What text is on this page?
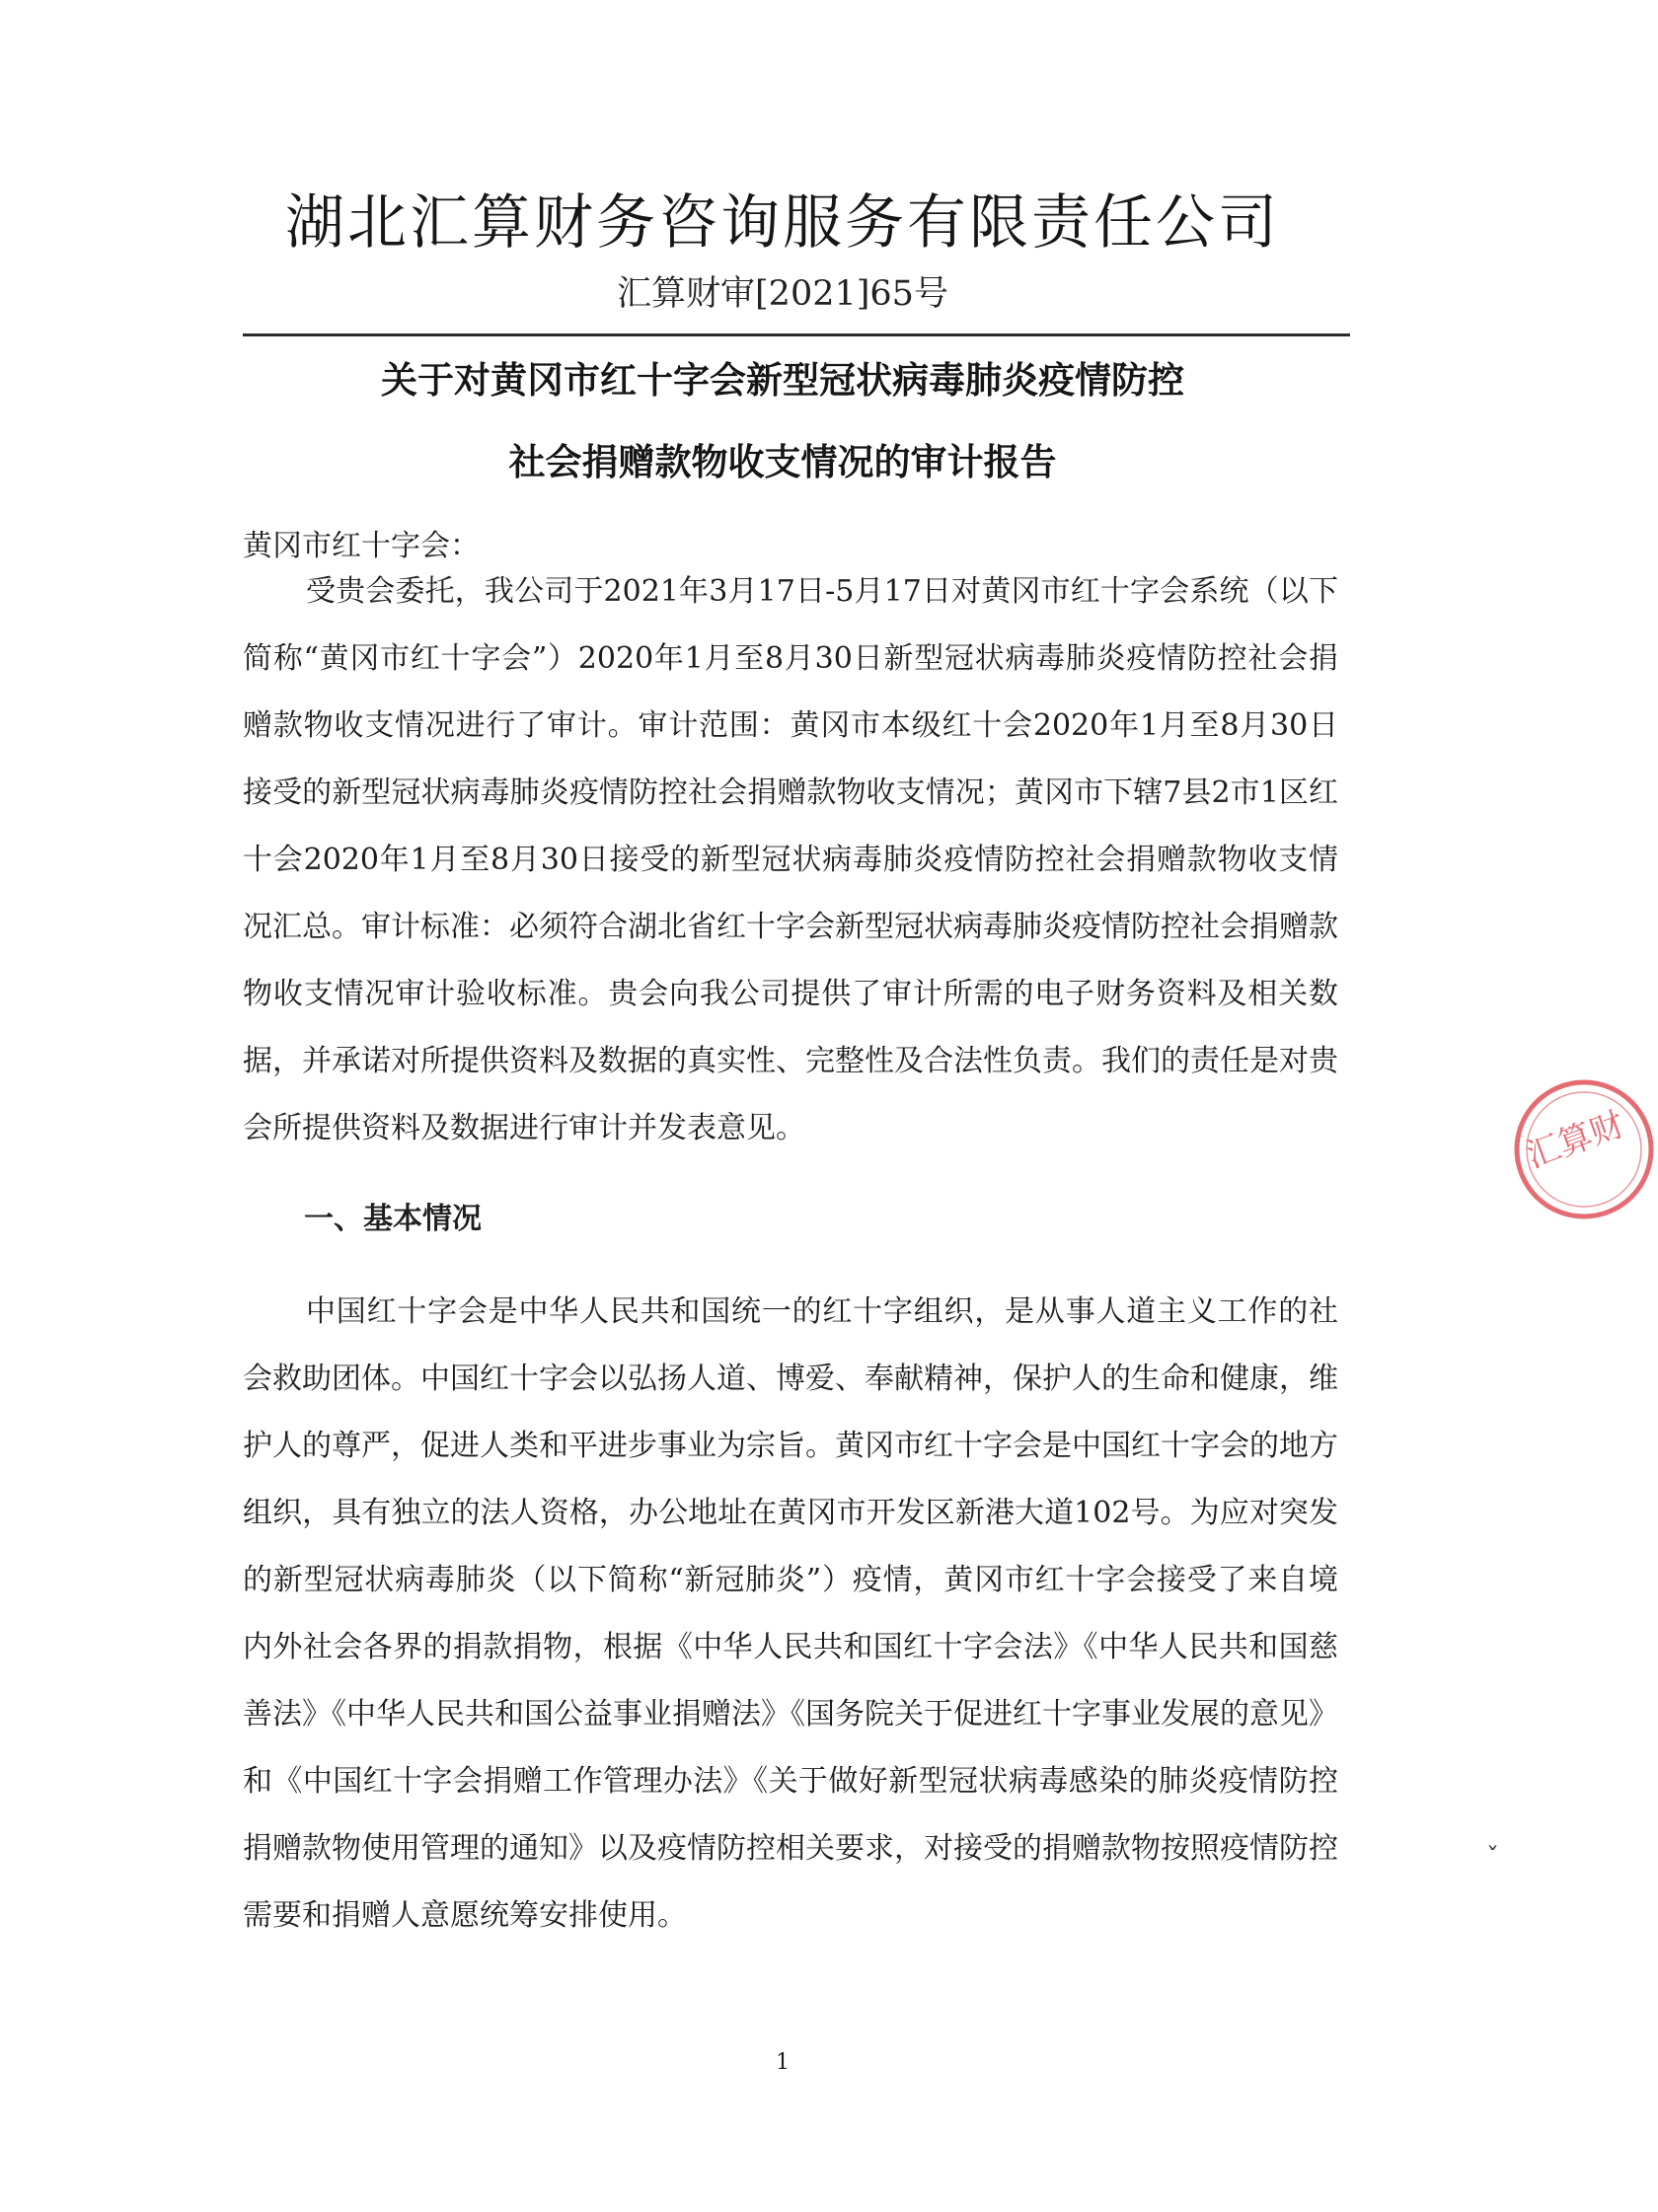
湖北汇算财务咨询服务有限责任公司
汇算财审[2021]65号
关于对黄冈市红十字会新型冠状病毒肺炎疫情防控
社会捐赠款物收支情况的审计报告
黄冈市红十字会：

受贵会委托，我公司于2021年3月17日-5月17日对黄冈市红十字会系统（以下简称“黄冈市红十字会”）2020年1月至8月30日新型冠状病毒肺炎疫情防控社会捐赠款物收支情况进行了审计。审计范围：黄冈市本级红十会2020年1月至8月30日接受的新型冠状病毒肺炎疫情防控社会捐赠款物收支情况；黄冈市下辖7县2市1区红十会2020年1月至8月30日接受的新型冠状病毒肺炎疫情防控社会捐赠款物收支情况汇总。审计标准：必须符合湖北省红十字会新型冠状病毒肺炎疫情防控社会捐赠款物收支情况审计验收标准。贵会向我公司提供了审计所需的电子财务资料及相关数据，并承诺对所提供资料及数据的真实性、完整性及合法性负责。我们的责任是对贵会所提供资料及数据进行审计并发表意见。

一、基本情况

中国红十字会是中华人民共和国统一的红十字组织，是从事人道主义工作的社会救助团体。中国红十字会以弘扬人道、博爱、奉献精神，保护人的生命和健康，维护人的尊严，促进人类和平进步事业为宗旨。黄冈市红十字会是中国红十字会的地方组织，具有独立的法人资格，办公地址在黄冈市开发区新港大道102号。为应对突发的新型冠状病毒肺炎（以下简称“新冠肺炎”）疫情，黄冈市红十字会接受了来自境内外社会各界的捐款捐物，根据《中华人民共和国红十字会法》《中华人民共和国慈善法》《中华人民共和国公益事业捐赠法》《国务院关于促进红十字事业发展的意见》和《中国红十字会捐赠工作管理办法》《关于做好新型冠状病毒感染的肺炎疫情防控捐赠款物使用管理的通知》以及疫情防控相关要求，对接受的捐赠款物按照疫情防控需要和捐赠人意愿统筹安排使用。

1
汇算财
ˇ
